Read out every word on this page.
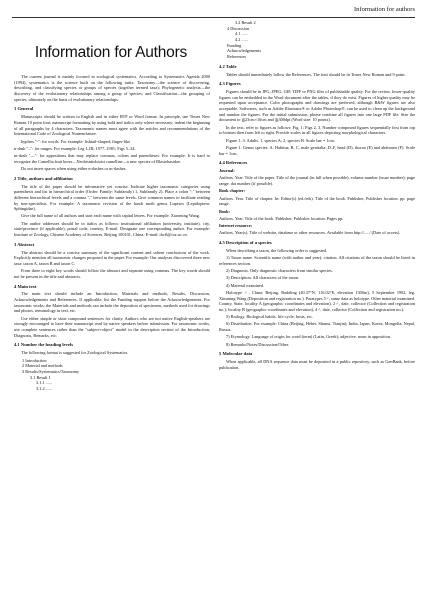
Information for authors
Information for Authors

The current journal is mainly focused in zoological systematics. According to Systematics Agenda 2000 (1994), systematics is the science built on the following tasks: Taxonomy—the science of discovering, describing, and classifying species or groups of species (together termed taxa); Phylogenetic analysis—the discovery of the evolutionary relationships among a group of species; and Classification—the grouping of species, ultimately on the basis of evolutionary relationships.

1 General

Manuscripts should be written in English and in either RTF or Word format. In principle, use Times New Roman 10 point font; manuscript formatting by using bold and italics only where necessary; indent the beginning of all paragraphs by 4 characters. Taxonomic names must agree with the articles and recommendations of the International Code of Zoological Nomenclature.

hyphen "-": for words. For example: fishtail-shaped; finger-like

n-dash "–": for ranges. For example: Leg I–III; 1977–1981; Figs 5–34.

m-dash "—": for appositions that may replace commas, colons and parentheses. For example: It is hard to recognize the Camellia fruit borer—Neobisnitobioist camelliae—a new species of Blastobasidae.

Do not insert spaces when using either n-dashes or m-dashes.

2 Title, authors and affiliation

The title of the paper should be informative yet concise. Indicate higher taxonomic categories using parenthesis and list in hierarchical order (Order: Family: Subfamily) 1, Subfamily 2). Place a colon ":" between different hierarchical levels and a comma "," between the same levels. Give common names to facilitate reading by non-specialists. For example: A taxonomic revision of the hawk moth genus Luperos (Lepidoptera: Sphingidae).

Give the full name of all authors and start each name with capital letters. For example: Xiaoming Wang.

The author addresses should be in italics as follows: institutional affiliation (university, institute), city, state/province (if applicable), postal code, country, E-mail. Designate one corresponding author. For example: Institute of Zoology, Chinese Academy of Sciences, Beijing 100101, China; E-mail: dwfl@ioz.ac.cn.

3 Abstract

The abstract should be a concise summary of the significant content and salient conclusions of the work. Explicitly mention all taxonomic changes proposed in the paper. For example: Our analyses discovered three new taxa: taxon A, taxon B and taxon C.

From three to eight key words should follow the abstract and separate using commas. The key words should not be present in the title and abstracts.

4 Main text

The main text should include an Introduction, Materials and methods, Results, Discussion, Acknowledgements and References. If applicable, list the Funding support before the Acknowledgements. For taxonomic works: the Materials and methods can include the deposition of specimens, methods used for drawings and photos, terminology in text, etc.

Use either simple or short compound sentences for clarity. Authors who are not native English-speakers are strongly encouraged to have their manuscript read by native speakers before submission. For taxonomic works, use complete sentences rather than the "subject+object" model in the description section of the Introduction, Diagnosis, Remarks, etc.

4.1 Number the heading levels

The following format is suggested for Zoological Systematics.

1 Introduction

2 Material and methods

3 Results/Systematics/Taxonomy

3.1 Result 1

3.1.1 ......

3.1.2 ......

3.2 Result 2

4 Discussion

4.1 ......

4.2 ......

Funding

Acknowledgements

References

4.2 Table

Tables should immediately follow the References. The font should be in Times New Roman and 9 point.

4.3 Figures

Figures should be in JPG, JPEG, GIF, TIFF or PNG files of publishable quality. For the review, lower-quality figures can be embedded in the Word document after the tables, if they do exist. Figures of higher quality may be requested upon acceptance. Color photographs and drawings are preferred, although B&W figures are also acceptable. Softwares, such as Adobe Illustrator® or Adobe Photoshop®, can be used to clean up the background and number the figures. For the initial submission, please combine all figures into one large PDF file. Size the document to ≦23cm×16cm and ≧300dpi (Word size: 10 points).

In the text, refer to figures as follows: Fig. 1; Figs 2, 3. Number compound figures sequentially first from top to bottom then from left to right. Provide scales in all figures depicting morphological characters.

Figure 1–3. Adults. 1, species A; 2, species B. Scale bar = 1cm.

Figure 1. Genus species. A, Habitus; B, C, male genitalia; D–F, head (D), thorax (E) and abdomen (F). Scale bar = 1cm.

4.4 References

Journal:

Authors. Year. Title of the paper. Title of the journal (in full when possible), volume number (issue number): page range. doi number (if possible).

Book chapter:

Authors. Year. Title of chapter. In: Editor(s) (ed./eds). Title of the book. Publisher, Publisher location. pp. page range.

Book:

Authors. Year. Title of the book. Publisher, Publisher location. Pages pp.

Internet resource:

Authors. Year(s). Title of website, database or other resources. Available from http://...../ (Date of access).

4.5 Description of a species

When describing a taxon, the following order is suggested.

1) Taxon name. Scientific name (with author and year); citation. All citations of the taxon should be listed in references section.

2) Diagnosis. Only diagnostic characters from similar species.

3) Description. All characters of the taxon.

4) Material examined.

Holotype ♂, China: Beijing, Badaling (40.37°N, 116.02°E; elevation 1300m), 5 September 1992, leg. Ximming Wang (Deposition and registration no.). Paratypes 5♂, same data as holotype. Other material examined. County, State, locality A (geographic coordinates and elevation), 2♂, date, collector (Collection and registration no.); locality B (geographic coordinates and elevation), 4♂, date, collector (Collection and registration no.).

5) Biology. Biological habits, life cycle, hosts, etc.

6) Distribution. For example: China (Beijing, Hebei, Shanxi, Tianjin); India, Japan, Korea, Mongolia, Nepal, Russia.

7) Etymology. Language of origin for word (term) (Latin, Greek); adjective, noun in apposition.

8) Remarks/Notes/Discussion/Other.

5 Molecular data

When applicable, all DNA sequence data must be deposited in a public repository, such as GenBank, before publication.
